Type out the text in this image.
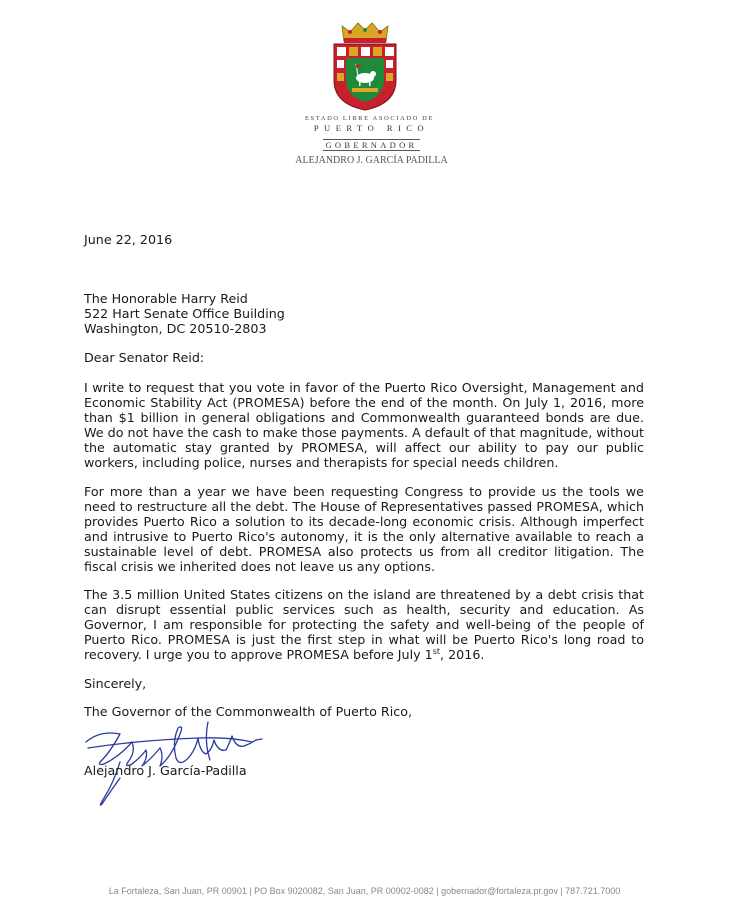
ESTADO LIBRE ASOCIADO DE
PUERTO RICO
GOBERNADOR
ALEJANDRO J. GARCÍA PADILLA
June 22, 2016
The Honorable Harry Reid
522 Hart Senate Office Building
Washington, DC 20510-2803
Dear Senator Reid:
I write to request that you vote in favor of the Puerto Rico Oversight, Management and Economic Stability Act (PROMESA) before the end of the month. On July 1, 2016, more than $1 billion in general obligations and Commonwealth guaranteed bonds are due. We do not have the cash to make those payments. A default of that magnitude, without the automatic stay granted by PROMESA, will affect our ability to pay our public workers, including police, nurses and therapists for special needs children.
For more than a year we have been requesting Congress to provide us the tools we need to restructure all the debt. The House of Representatives passed PROMESA, which provides Puerto Rico a solution to its decade-long economic crisis. Although imperfect and intrusive to Puerto Rico's autonomy, it is the only alternative available to reach a sustainable level of debt. PROMESA also protects us from all creditor litigation. The fiscal crisis we inherited does not leave us any options.
The 3.5 million United States citizens on the island are threatened by a debt crisis that can disrupt essential public services such as health, security and education. As Governor, I am responsible for protecting the safety and well-being of the people of Puerto Rico. PROMESA is just the first step in what will be Puerto Rico's long road to recovery. I urge you to approve PROMESA before July 1st, 2016.
Sincerely,
The Governor of the Commonwealth of Puerto Rico,
Alejandro J. García-Padilla
La Fortaleza, San Juan, PR 00901 | PO Box 9020082, San Juan, PR 00902-0082 | gobernador@fortaleza.pr.gov | 787.721.7000
